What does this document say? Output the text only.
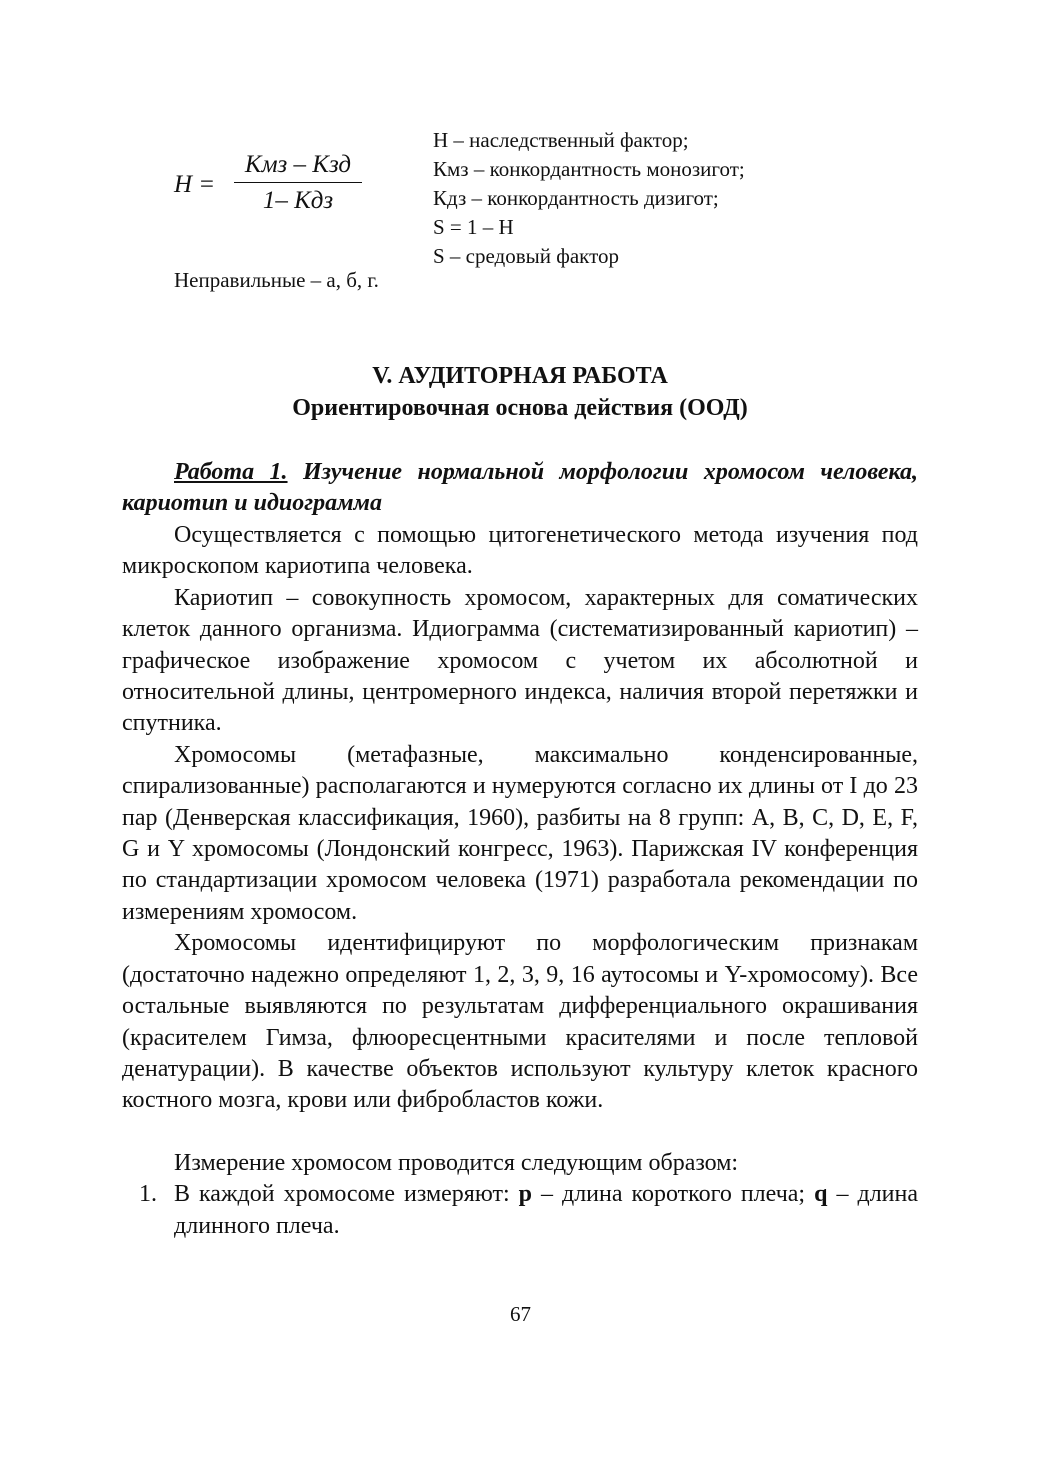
H =
Kмз – Kзд
1– Kдз
Н – наследственный фактор;
Кмз – конкордантность монозигот;
Кдз – конкордантность дизигот;
S = 1 – Н
S – средовый фактор
Неправильные – а, б, г.
V. АУДИТОРНАЯ РАБОТА
Ориентировочная основа действия (ООД)
Работа 1. Изучение нормальной морфологии хромосом человека, кариотип и идиограмма

Осуществляется с помощью цитогенетического метода изучения под микроскопом кариотипа человека.

Кариотип – совокупность хромосом, характерных для соматических клеток данного организма. Идиограмма (систематизированный кариотип) – графическое изображение хромосом с учетом их абсолютной и относительной длины, центромерного индекса, наличия второй перетяжки и спутника.

Хромосомы (метафазные, максимально конденсированные, спирализованные) располагаются и нумеруются согласно их длины от I до 23 пар (Денверская классификация, 1960), разбиты на 8 групп: A, B, C, D, E, F, G и Y хромосомы (Лондонский конгресс, 1963). Парижская IV конференция по стандартизации хромосом человека (1971) разработала рекомендации по измерениям хромосом.

Хромосомы идентифицируют по морфологическим признакам (достаточно надежно определяют 1, 2, 3, 9, 16 аутосомы и Y-хромосому). Все остальные выявляются по результатам дифференциального окрашивания (красителем Гимза, флюоресцентными красителями и после тепловой денатурации). В качестве объектов используют культуру клеток красного костного мозга, крови или фибробластов кожи.

Измерение хромосом проводится следующим образом:

1. В каждой хромосоме измеряют: p – длина короткого плеча; q – длина длинного плеча.
67
